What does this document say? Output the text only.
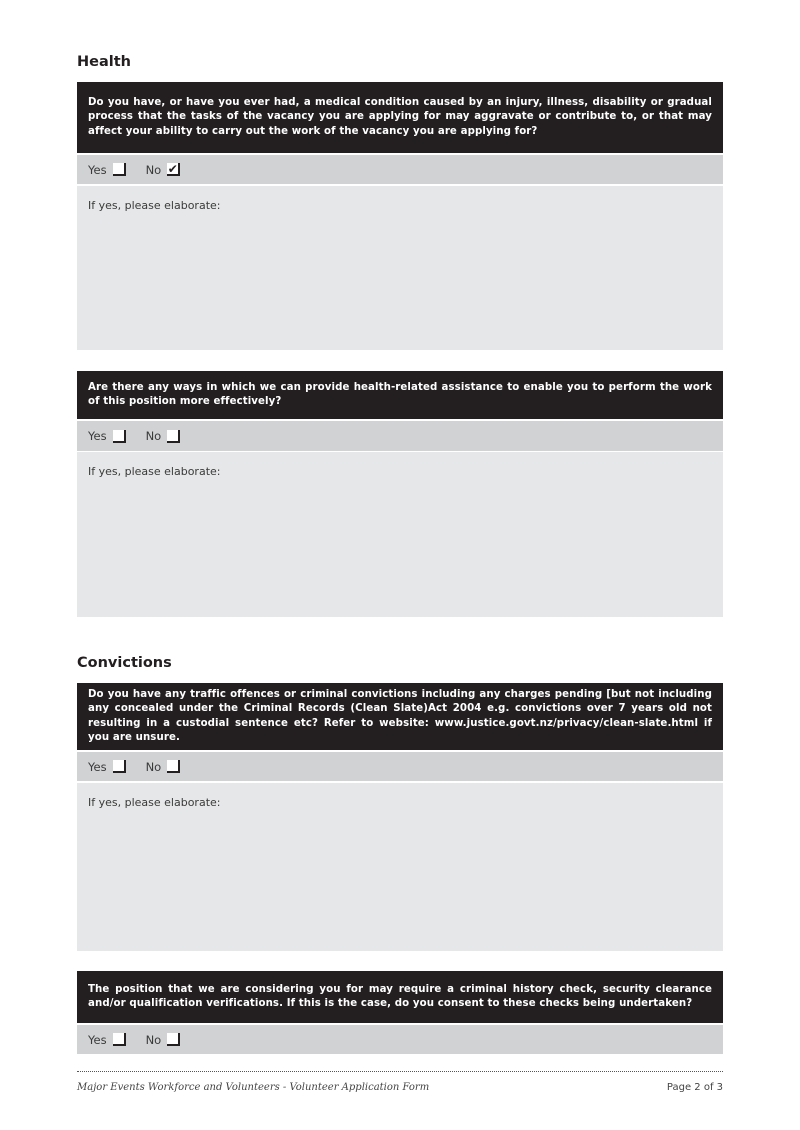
Health
Do you have, or have you ever had, a medical condition caused by an injury, illness, disability or gradual process that the tasks of the vacancy you are applying for may aggravate or contribute to, or that may affect your ability to carry out the work of the vacancy you are applying for?
Yes	No ✔
If yes, please elaborate:
Are there any ways in which we can provide health-related assistance to enable you to perform the work of this position more effectively?
Yes	No
If yes, please elaborate:
Convictions
Do you have any traffic offences or criminal convictions including any charges pending [but not including any concealed under the Criminal Records (Clean Slate)Act 2004 e.g. convictions over 7 years old not resulting in a custodial sentence etc? Refer to website: www.justice.govt.nz/privacy/clean-slate.html if you are unsure.
Yes	No
If yes, please elaborate:
The position that we are considering you for may require a criminal history check, security clearance and/or qualification verifications. If this is the case, do you consent to these checks being undertaken?
Yes	No
Major Events Workforce and Volunteers - Volunteer Application Form	Page 2 of 3
